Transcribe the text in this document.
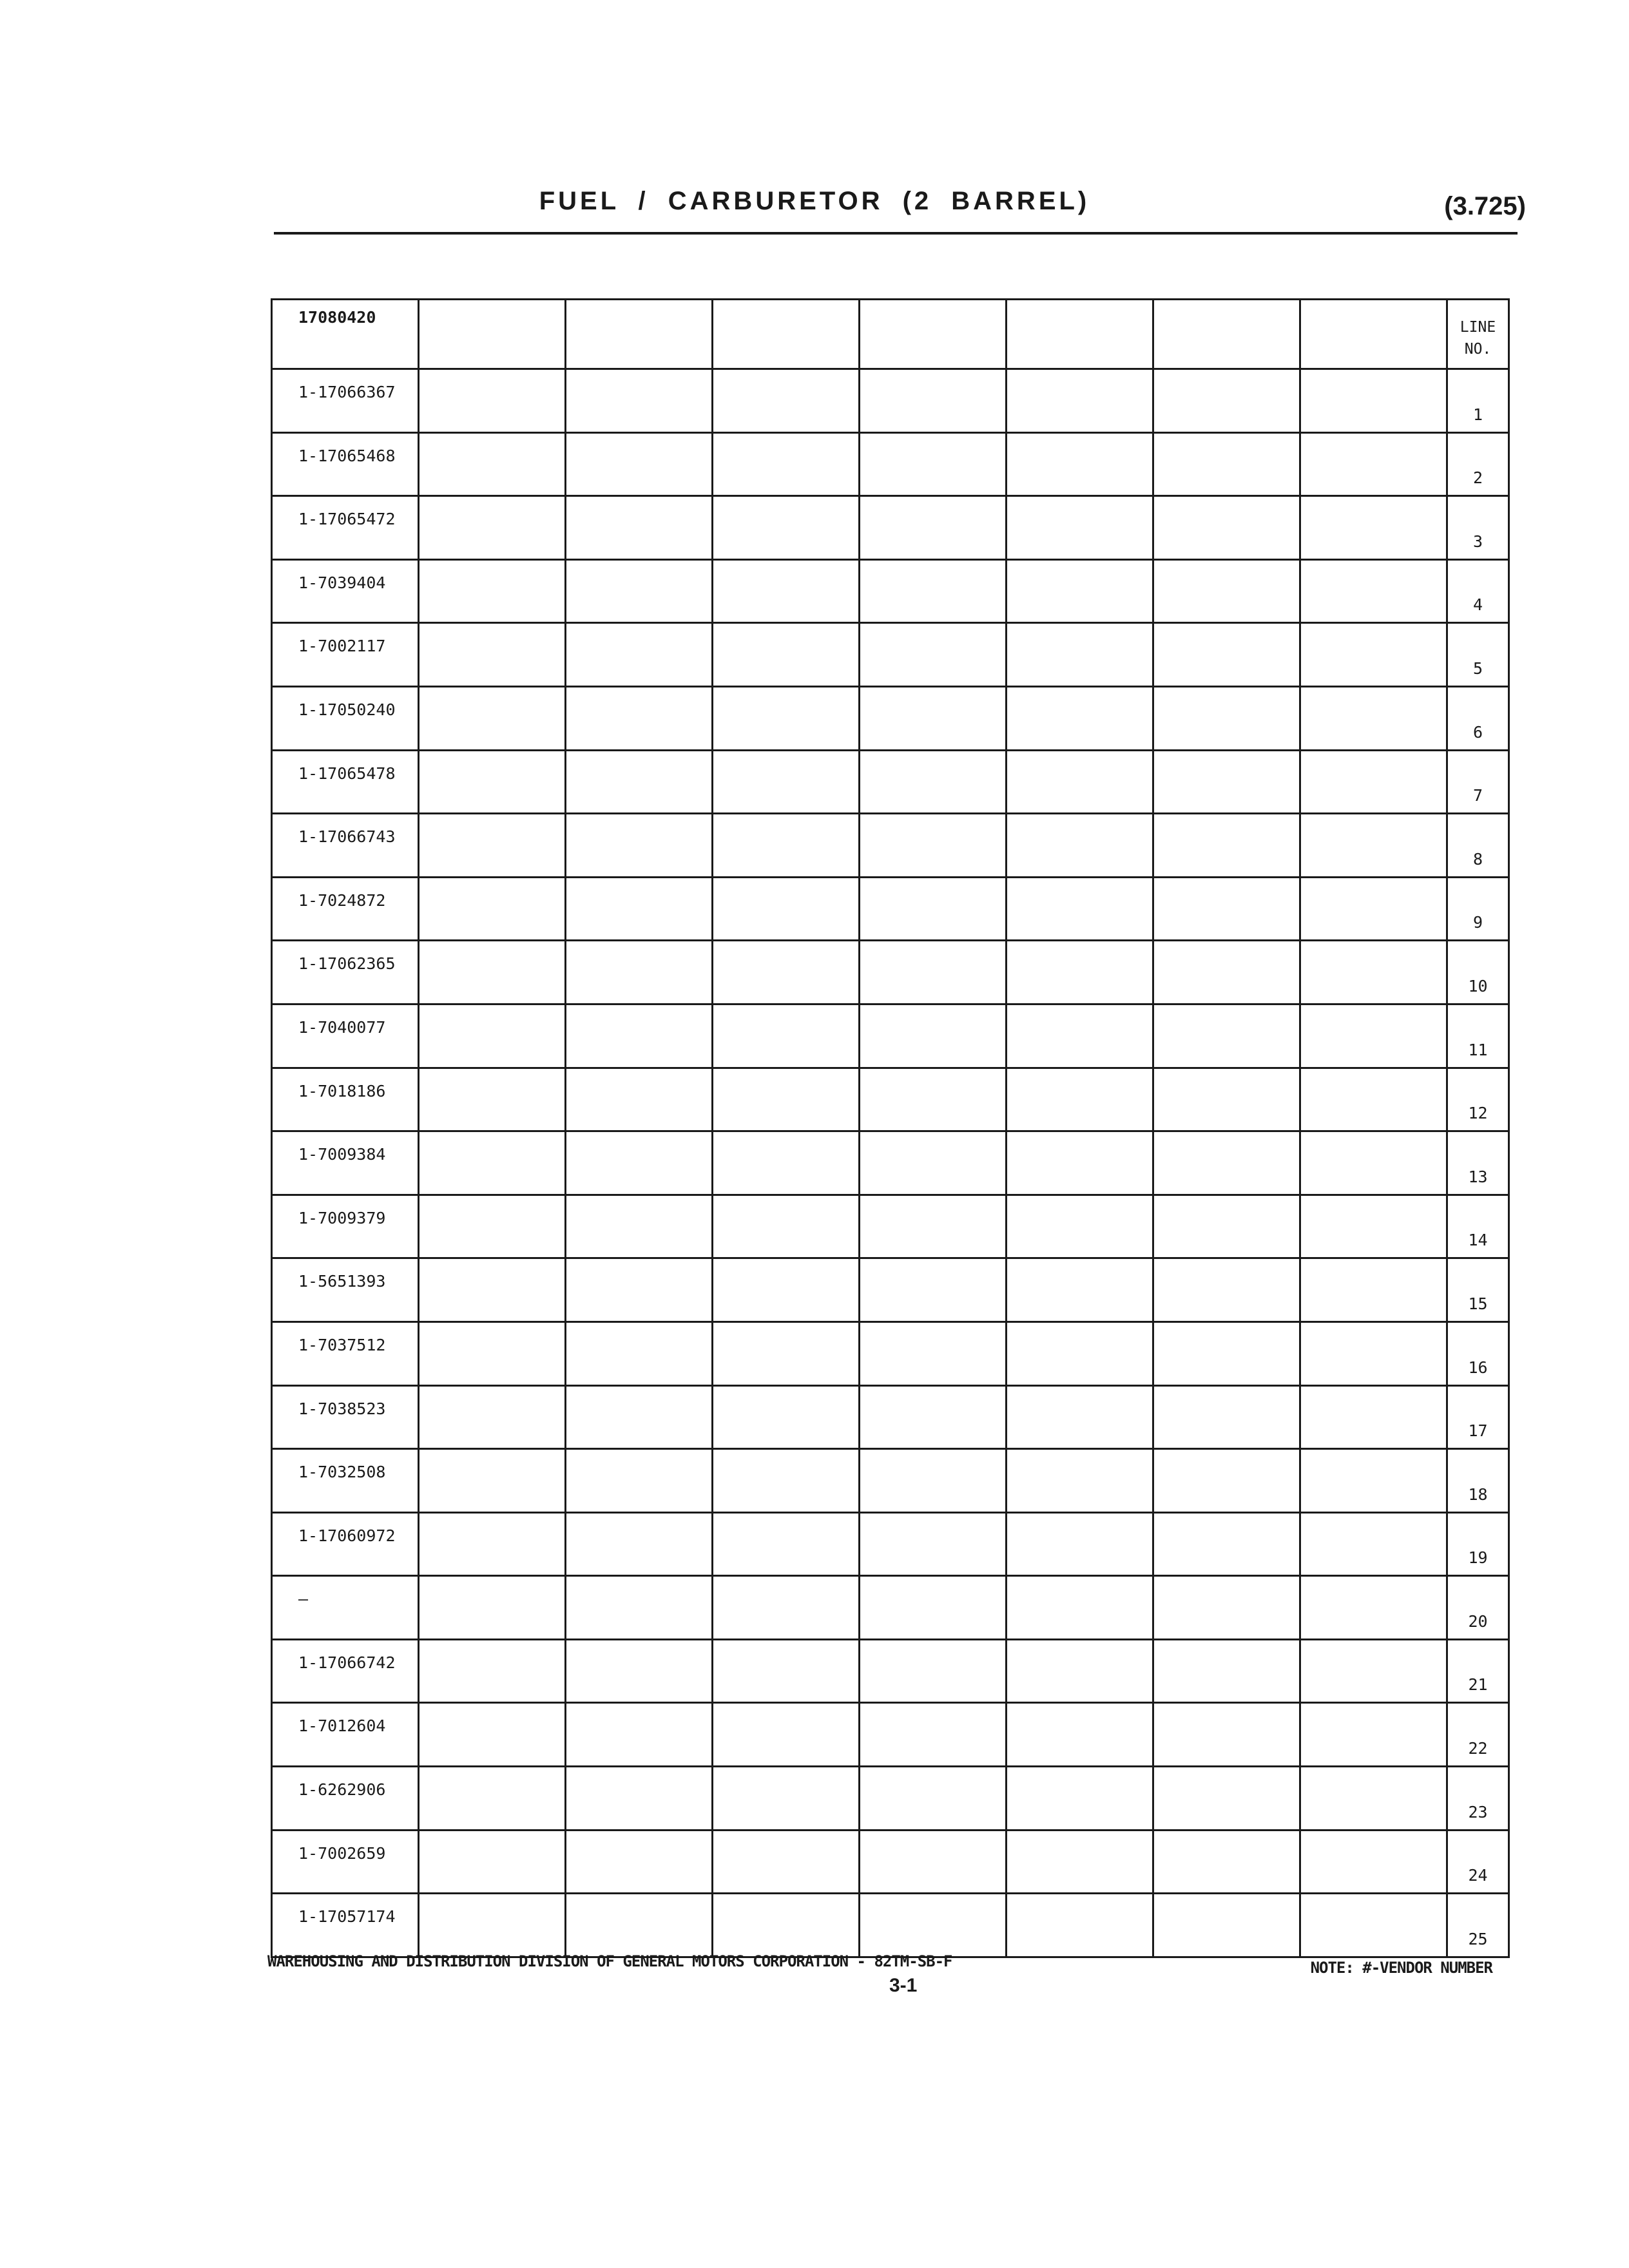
FUEL / CARBURETOR (2 BARREL)	(3.725)
17080420								LINE
NO.
1-17066367								1
1-17065468								2
1-17065472								3
1-7039404								4
1-7002117								5
1-17050240								6
1-17065478								7
1-17066743								8
1-7024872								9
1-17062365								10
1-7040077								11
1-7018186								12
1-7009384								13
1-7009379								14
1-5651393								15
1-7037512								16
1-7038523								17
1-7032508								18
1-17060972								19
—								20
1-17066742								21
1-7012604								22
1-6262906								23
1-7002659								24
1-17057174								25
WAREHOUSING AND DISTRIBUTION DIVISION OF GENERAL MOTORS CORPORATION - 82TM-SB-F
3-1
NOTE: #-VENDOR NUMBER
